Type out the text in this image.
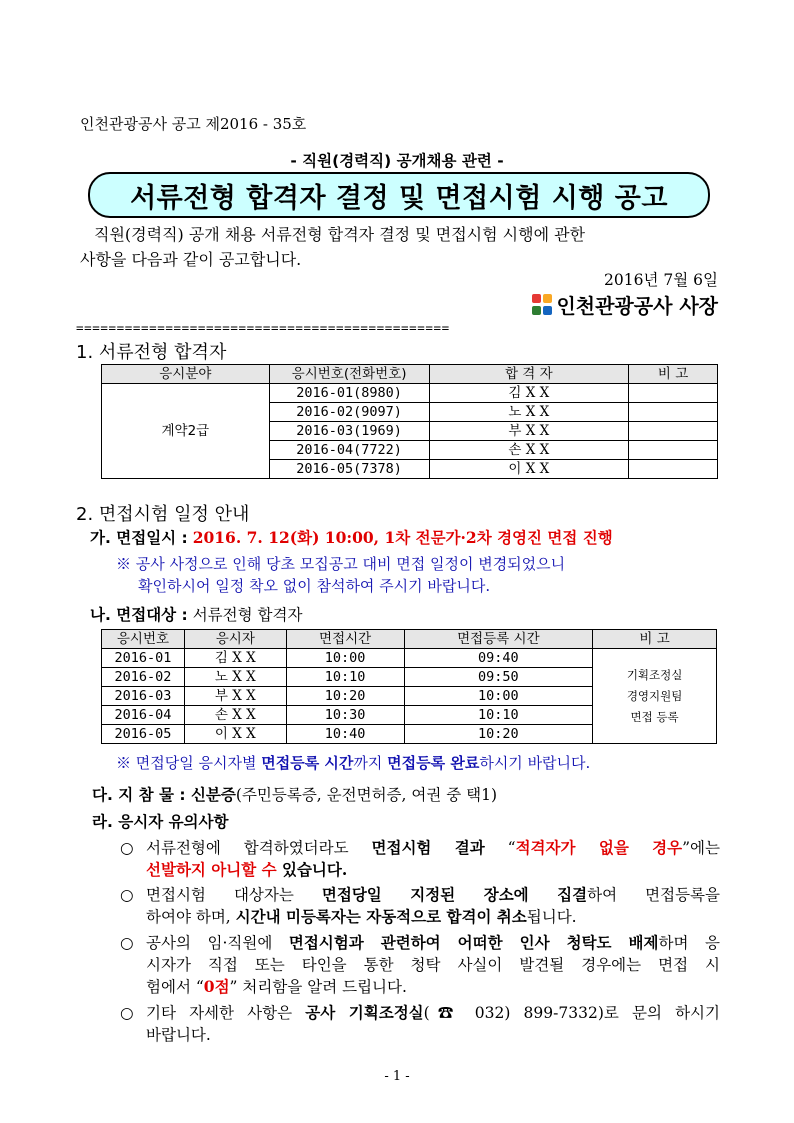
인천관광공사 공고 제2016 - 35호
- 직원(경력직) 공개채용 관련 -
서류전형 합격자 결정 및 면접시험 시행 공고
직원(경력직) 공개 채용 서류전형 합격자 결정 및 면접시험 시행에 관한
사항을 다음과 같이 공고합니다.
2016년 7월 6일
인천관광공사 사장
==============================================
1. 서류전형 합격자
응시분야	응시번호(전화번호)	합 격 자	비 고
계약2급	2016-01(8980)	김 X X	
	2016-02(9097)	노 X X	
	2016-03(1969)	부 X X	
	2016-04(7722)	손 X X	
	2016-05(7378)	이 X X	
2. 면접시험 일정 안내
가. 면접일시 : 2016. 7. 12(화) 10:00, 1차 전문가·2차 경영진 면접 진행
※ 공사 사정으로 인해 당초 모집공고 대비 면접 일정이 변경되었으니
확인하시어 일정 착오 없이 참석하여 주시기 바랍니다.
나. 면접대상 : 서류전형 합격자
응시번호	응시자	면접시간	면접등록 시간	비 고
2016-01	김 X X	10:00	09:40	기획조정실
경영지원팀
면접 등록

2016-02	노 X X	10:10	09:50	
2016-03	부 X X	10:20	10:00	
2016-04	손 X X	10:30	10:10	
2016-05	이 X X	10:40	10:20	
※ 면접당일 응시자별 면접등록 시간까지 면접등록 완료하시기 바랍니다.
다. 지 참 물 : 신분증(주민등록증, 운전면허증, 여권 중 택1)
라. 응시자 유의사항
○ 서류전형에 합격하였더라도 면접시험 결과 “적격자가 없을 경우”에는
선발하지 아니할 수 있습니다.
○ 면접시험 대상자는 면접당일 지정된 장소에 집결하여 면접등록을
하여야 하며, 시간내 미등록자는 자동적으로 합격이 취소됩니다.
○ 공사의 임·직원에 면접시험과 관련하여 어떠한 인사 청탁도 배제하며 응
시자가 직접 또는 타인을 통한 청탁 사실이 발견될 경우에는 면접 시
험에서 “0점” 처리함을 알려 드립니다.
○ 기타 자세한 사항은 공사 기획조정실(☎ 032) 899-7332)로 문의 하시기
바랍니다.
- 1 -
